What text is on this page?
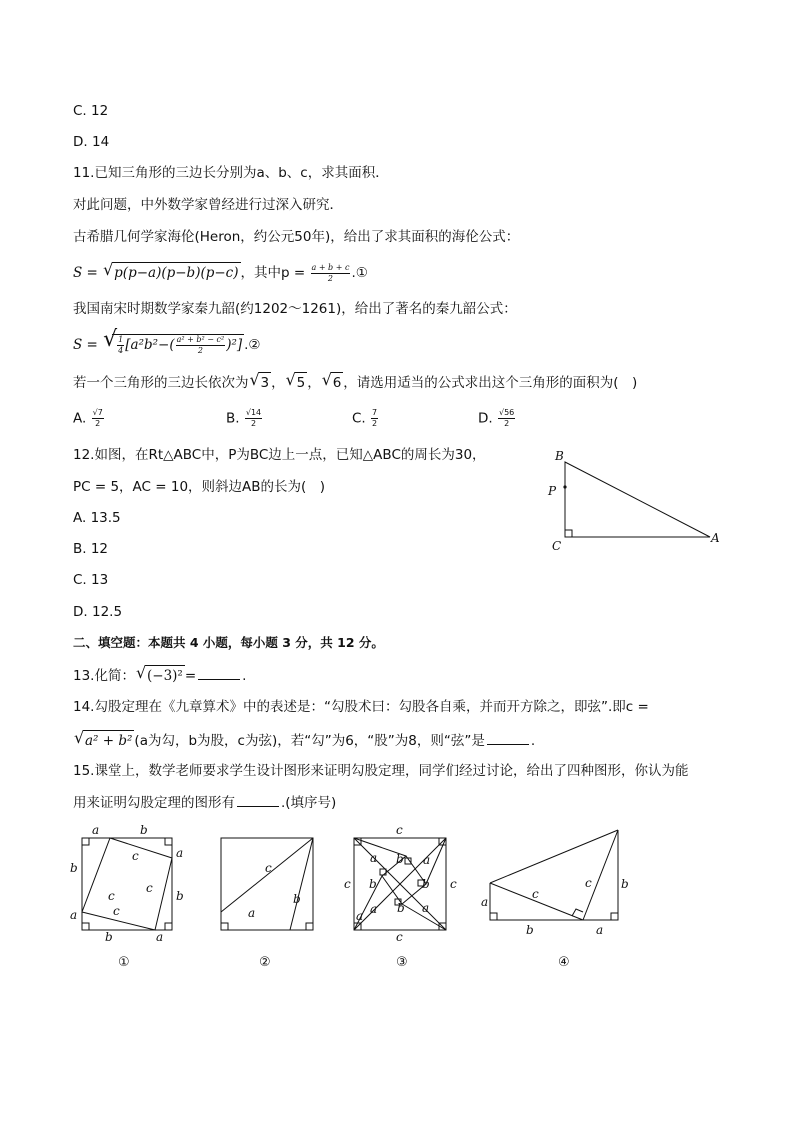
C. 12
D. 14
11.已知三角形的三边长分别为a、b、c，求其面积．
对此问题，中外数学家曾经进行过深入研究．
古希腊几何学家海伦(Heron，约公元50年)，给出了求其面积的海伦公式：
S = √ p(p−a)(p−b)(p−c) ，其中$p = \frac{a + b + c}{2}$ .①
我国南宋时期数学家秦九韶(约1202～1261)，给出了著名的秦九韶公式：
S = √ $\frac{1}{4} [a^2b^2-( \frac{\text{a² + b² − c²}}{2} )^2]$ .②
若一个三角形的三边长依次为 √ 3 ， √ 5 ， √ 6 ，请选用适当的公式求出这个三角形的面积为(　)
A. $\frac{√7}{2}$	B. $\frac{√14}{2}$	C. $\frac{7}{2}$	D. $\frac{√56}{2}$
12.如图，在Rt△ABC中，P为BC边上一点，已知△ABC的周长为30，
PC = 5，AC = 10，则斜边AB的长为(　)
A. 13.5
B. 12
C. 13
D. 12.5
B
P
C
A
二、填空题：本题共 4 小题，每小题 3 分，共 12 分。
13.化简： √ (−3)² =	.
14.勾股定理在《九章算术》中的表述是：“勾股术曰：勾股各自乘，并而开方除之，即弦”.即c =
√ a² + b² (a为勾，b为股，c为弦)，若“勾”为6，“股”为8，则“弦”是	.
15.课堂上，数学老师要求学生设计图形来证明勾股定理，同学们经过讨论，给出了四种图形，你认为能
用来证明勾股定理的图形有	.(填序号)
a	b
b
a
b
a
b	a
c
c
c
c
①
c
a
b
②
c
c
c	c
a b a
b	b
a a b a
③
a
b	a
b
c
c
④
